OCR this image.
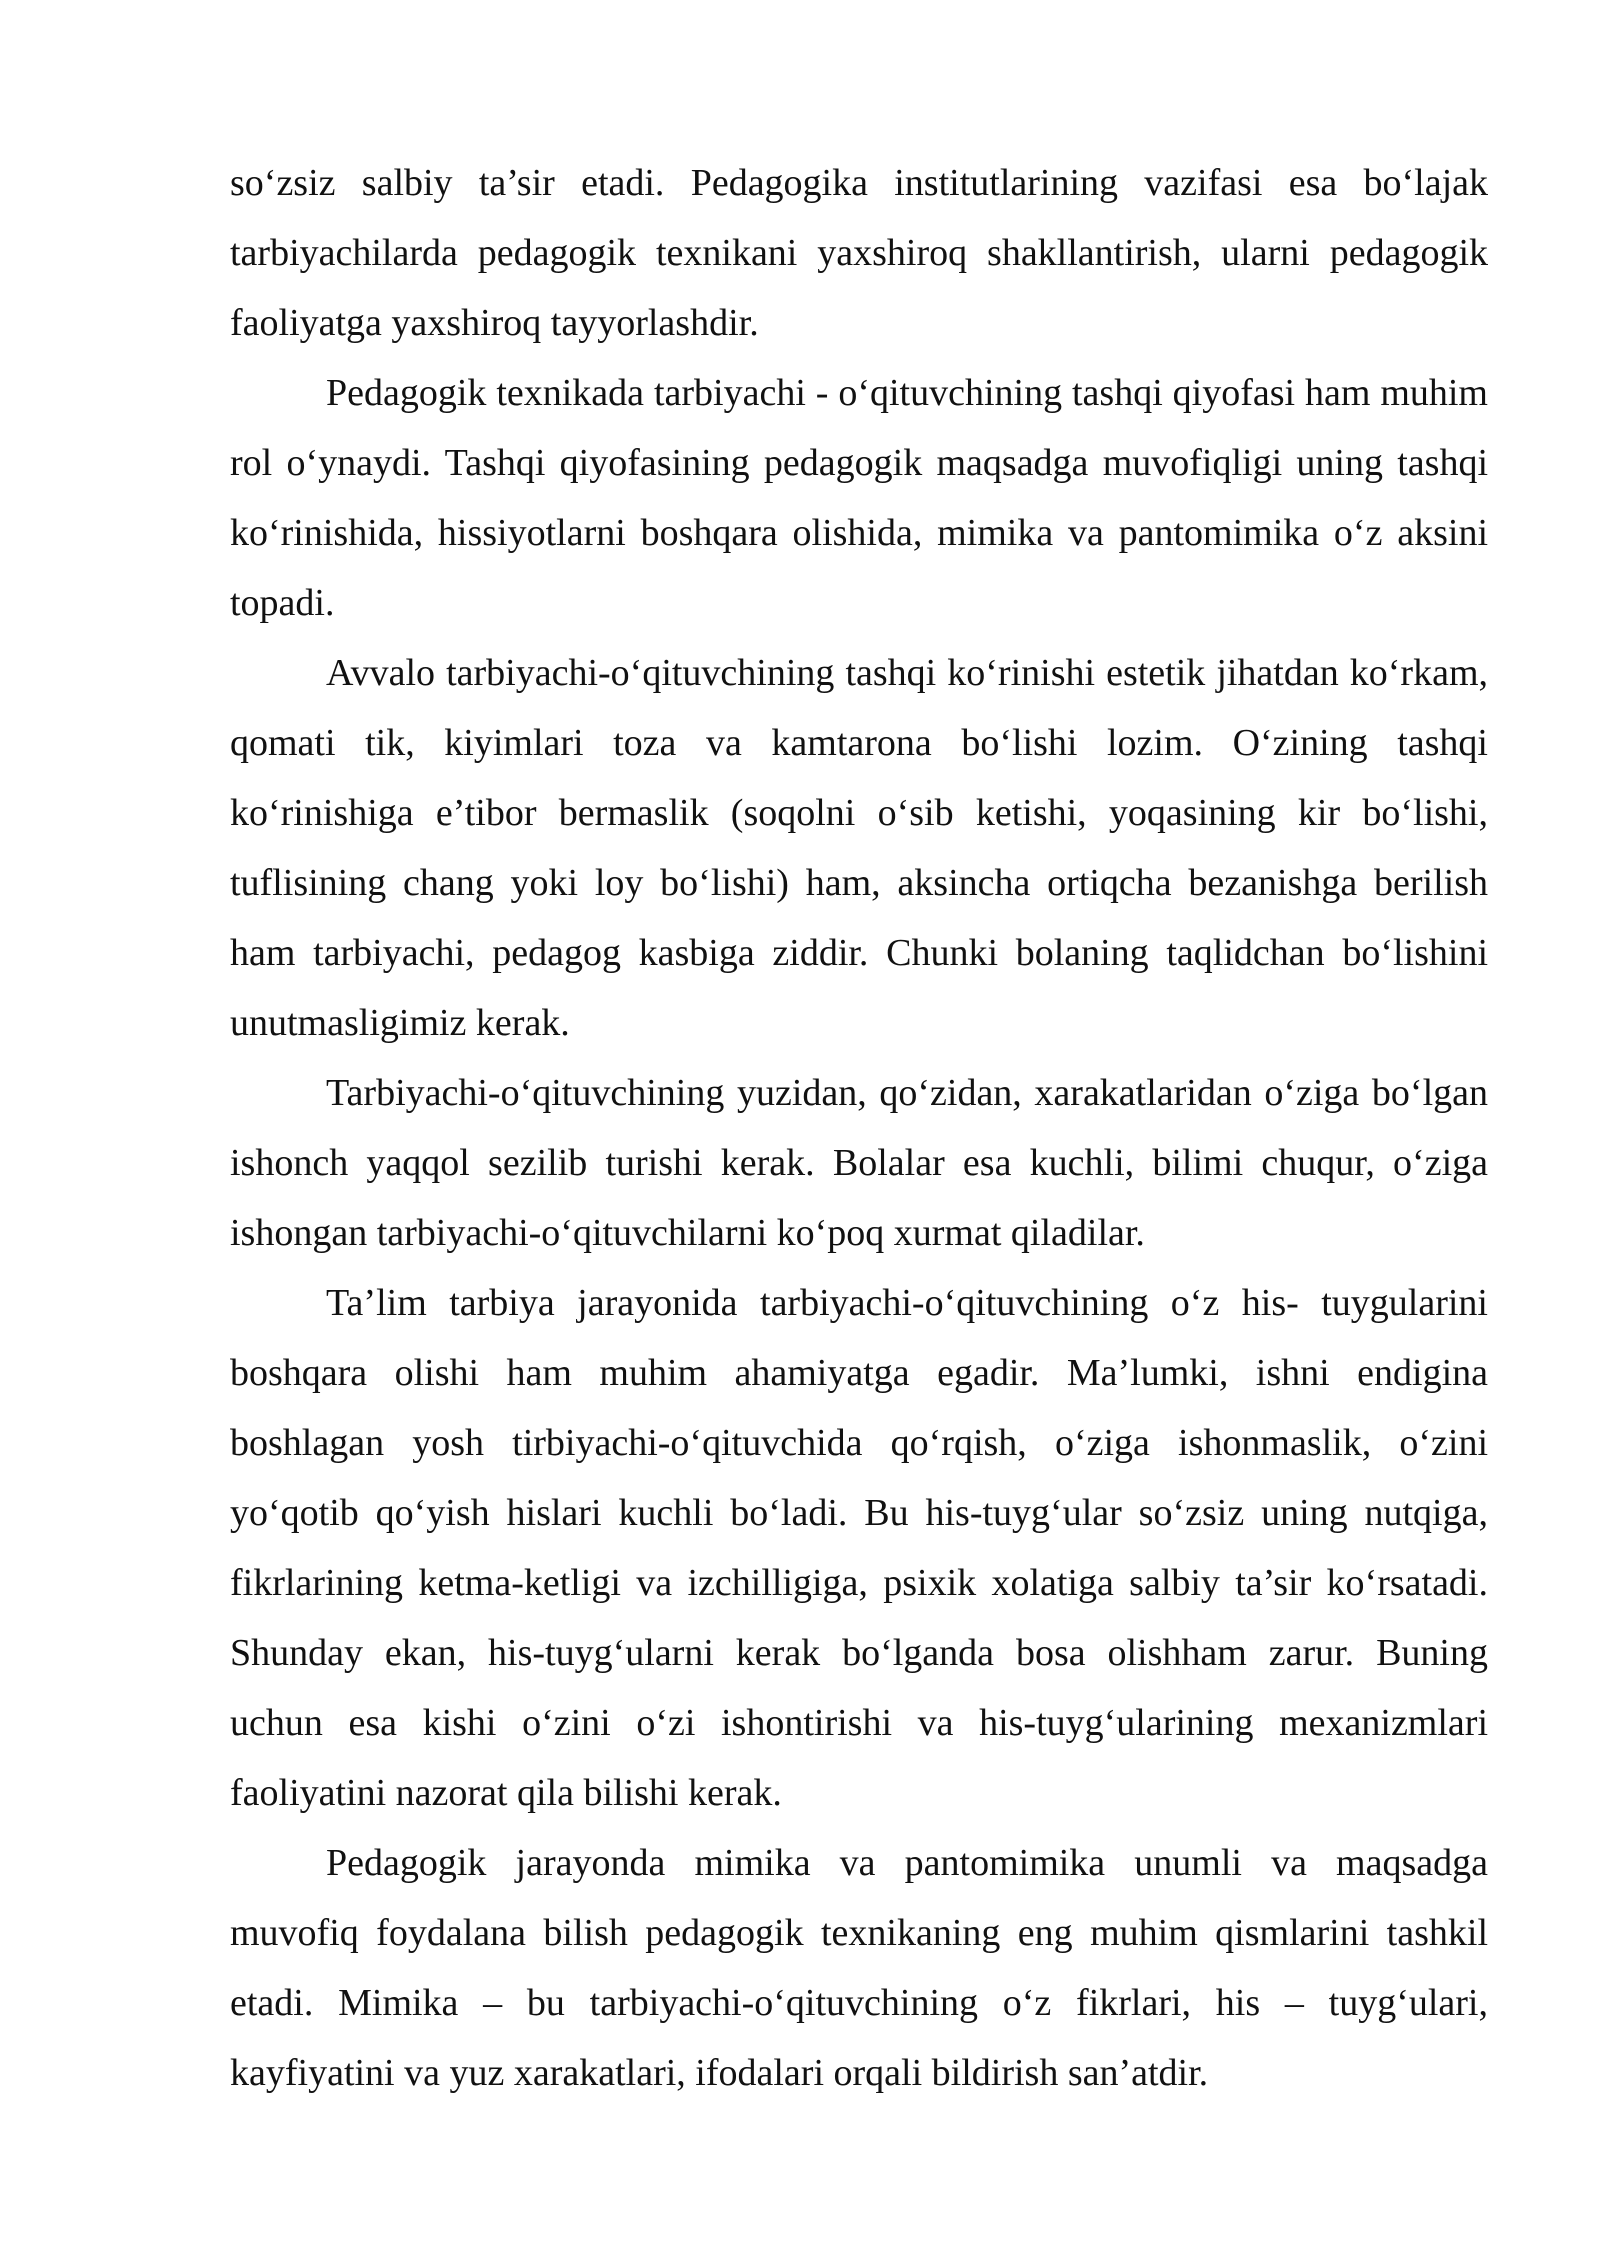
so‘zsiz salbiy ta’sir etadi. Pedagogika institutlarining vazifasi esa bo‘lajak tarbiyachilarda pedagogik texnikani yaxshiroq shakllantirish, ularni pedagogik faoliyatga yaxshiroq tayyorlashdir.

Pedagogik texnikada tarbiyachi - o‘qituvchining tashqi qiyofasi ham muhim rol o‘ynaydi. Tashqi qiyofasining pedagogik maqsadga muvofiqligi uning tashqi ko‘rinishida, hissiyotlarni boshqara olishida, mimika va pantomimika o‘z aksini topadi.

Avvalo tarbiyachi-o‘qituvchining tashqi ko‘rinishi estetik jihatdan ko‘rkam, qomati tik, kiyimlari toza va kamtarona bo‘lishi lozim. O‘zining tashqi ko‘rinishiga e’tibor bermaslik (soqolni o‘sib ketishi, yoqasining kir bo‘lishi, tuflisining chang yoki loy bo‘lishi) ham, aksincha ortiqcha bezanishga berilish ham tarbiyachi, pedagog kasbiga ziddir. Chunki bolaning taqlidchan bo‘lishini unutmasligimiz kerak.

Tarbiyachi-o‘qituvchining yuzidan, qo‘zidan, xarakatlaridan o‘ziga bo‘lgan ishonch yaqqol sezilib turishi kerak. Bolalar esa kuchli, bilimi chuqur, o‘ziga ishongan tarbiyachi-o‘qituvchilarni ko‘poq xurmat qiladilar.

Ta’lim tarbiya jarayonida tarbiyachi-o‘qituvchining o‘z his- tuygularini boshqara olishi ham muhim ahamiyatga egadir. Ma’lumki, ishni endigina boshlagan yosh tirbiyachi-o‘qituvchida qo‘rqish, o‘ziga ishonmaslik, o‘zini yo‘qotib qo‘yish hislari kuchli bo‘ladi. Bu his-tuyg‘ular so‘zsiz uning nutqiga, fikrlarining ketma-ketligi va izchilligiga, psixik xolatiga salbiy ta’sir ko‘rsatadi. Shunday ekan, his-tuyg‘ularni kerak bo‘lganda bosa olishham zarur. Buning uchun esa kishi o‘zini o‘zi ishontirishi va his-tuyg‘ularining mexanizmlari faoliyatini nazorat qila bilishi kerak.

Pedagogik jarayonda mimika va pantomimika unumli va maqsadga muvofiq foydalana bilish pedagogik texnikaning eng muhim qismlarini tashkil etadi. Mimika – bu tarbiyachi-o‘qituvchining o‘z fikrlari, his – tuyg‘ulari, kayfiyatini va yuz xarakatlari, ifodalari orqali bildirish san’atdir.
